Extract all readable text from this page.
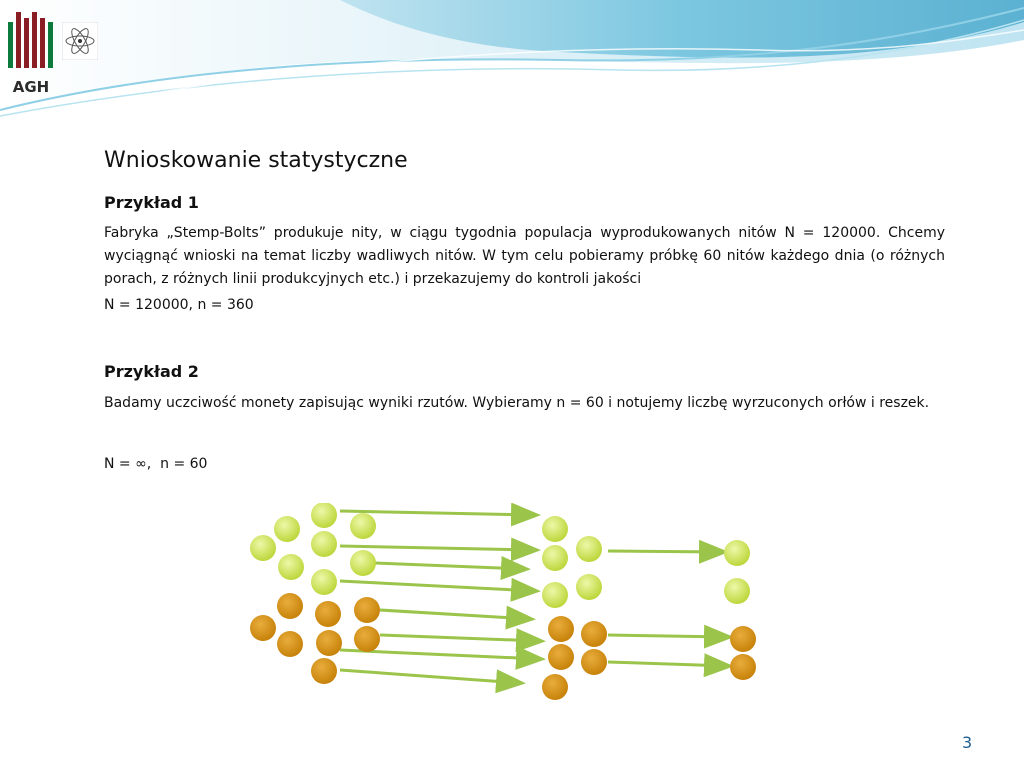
AGH
Wnioskowanie statystyczne
Przykład 1

Fabryka „Stemp-Bolts” produkuje nity, w ciągu tygodnia populacja wyprodukowanych nitów N = 120000. Chcemy wyciągnąć wnioski na temat liczby wadliwych nitów. W tym celu pobieramy próbkę 60 nitów każdego dnia (o różnych porach, z różnych linii produkcyjnych etc.) i przekazujemy do kontroli jakości

N = 120000, n = 360

Przykład 2

Badamy uczciwość monety zapisując wyniki rzutów. Wybieramy n = 60 i notujemy liczbę wyrzuconych orłów i reszek.

N = ∞,  n = 60

3
